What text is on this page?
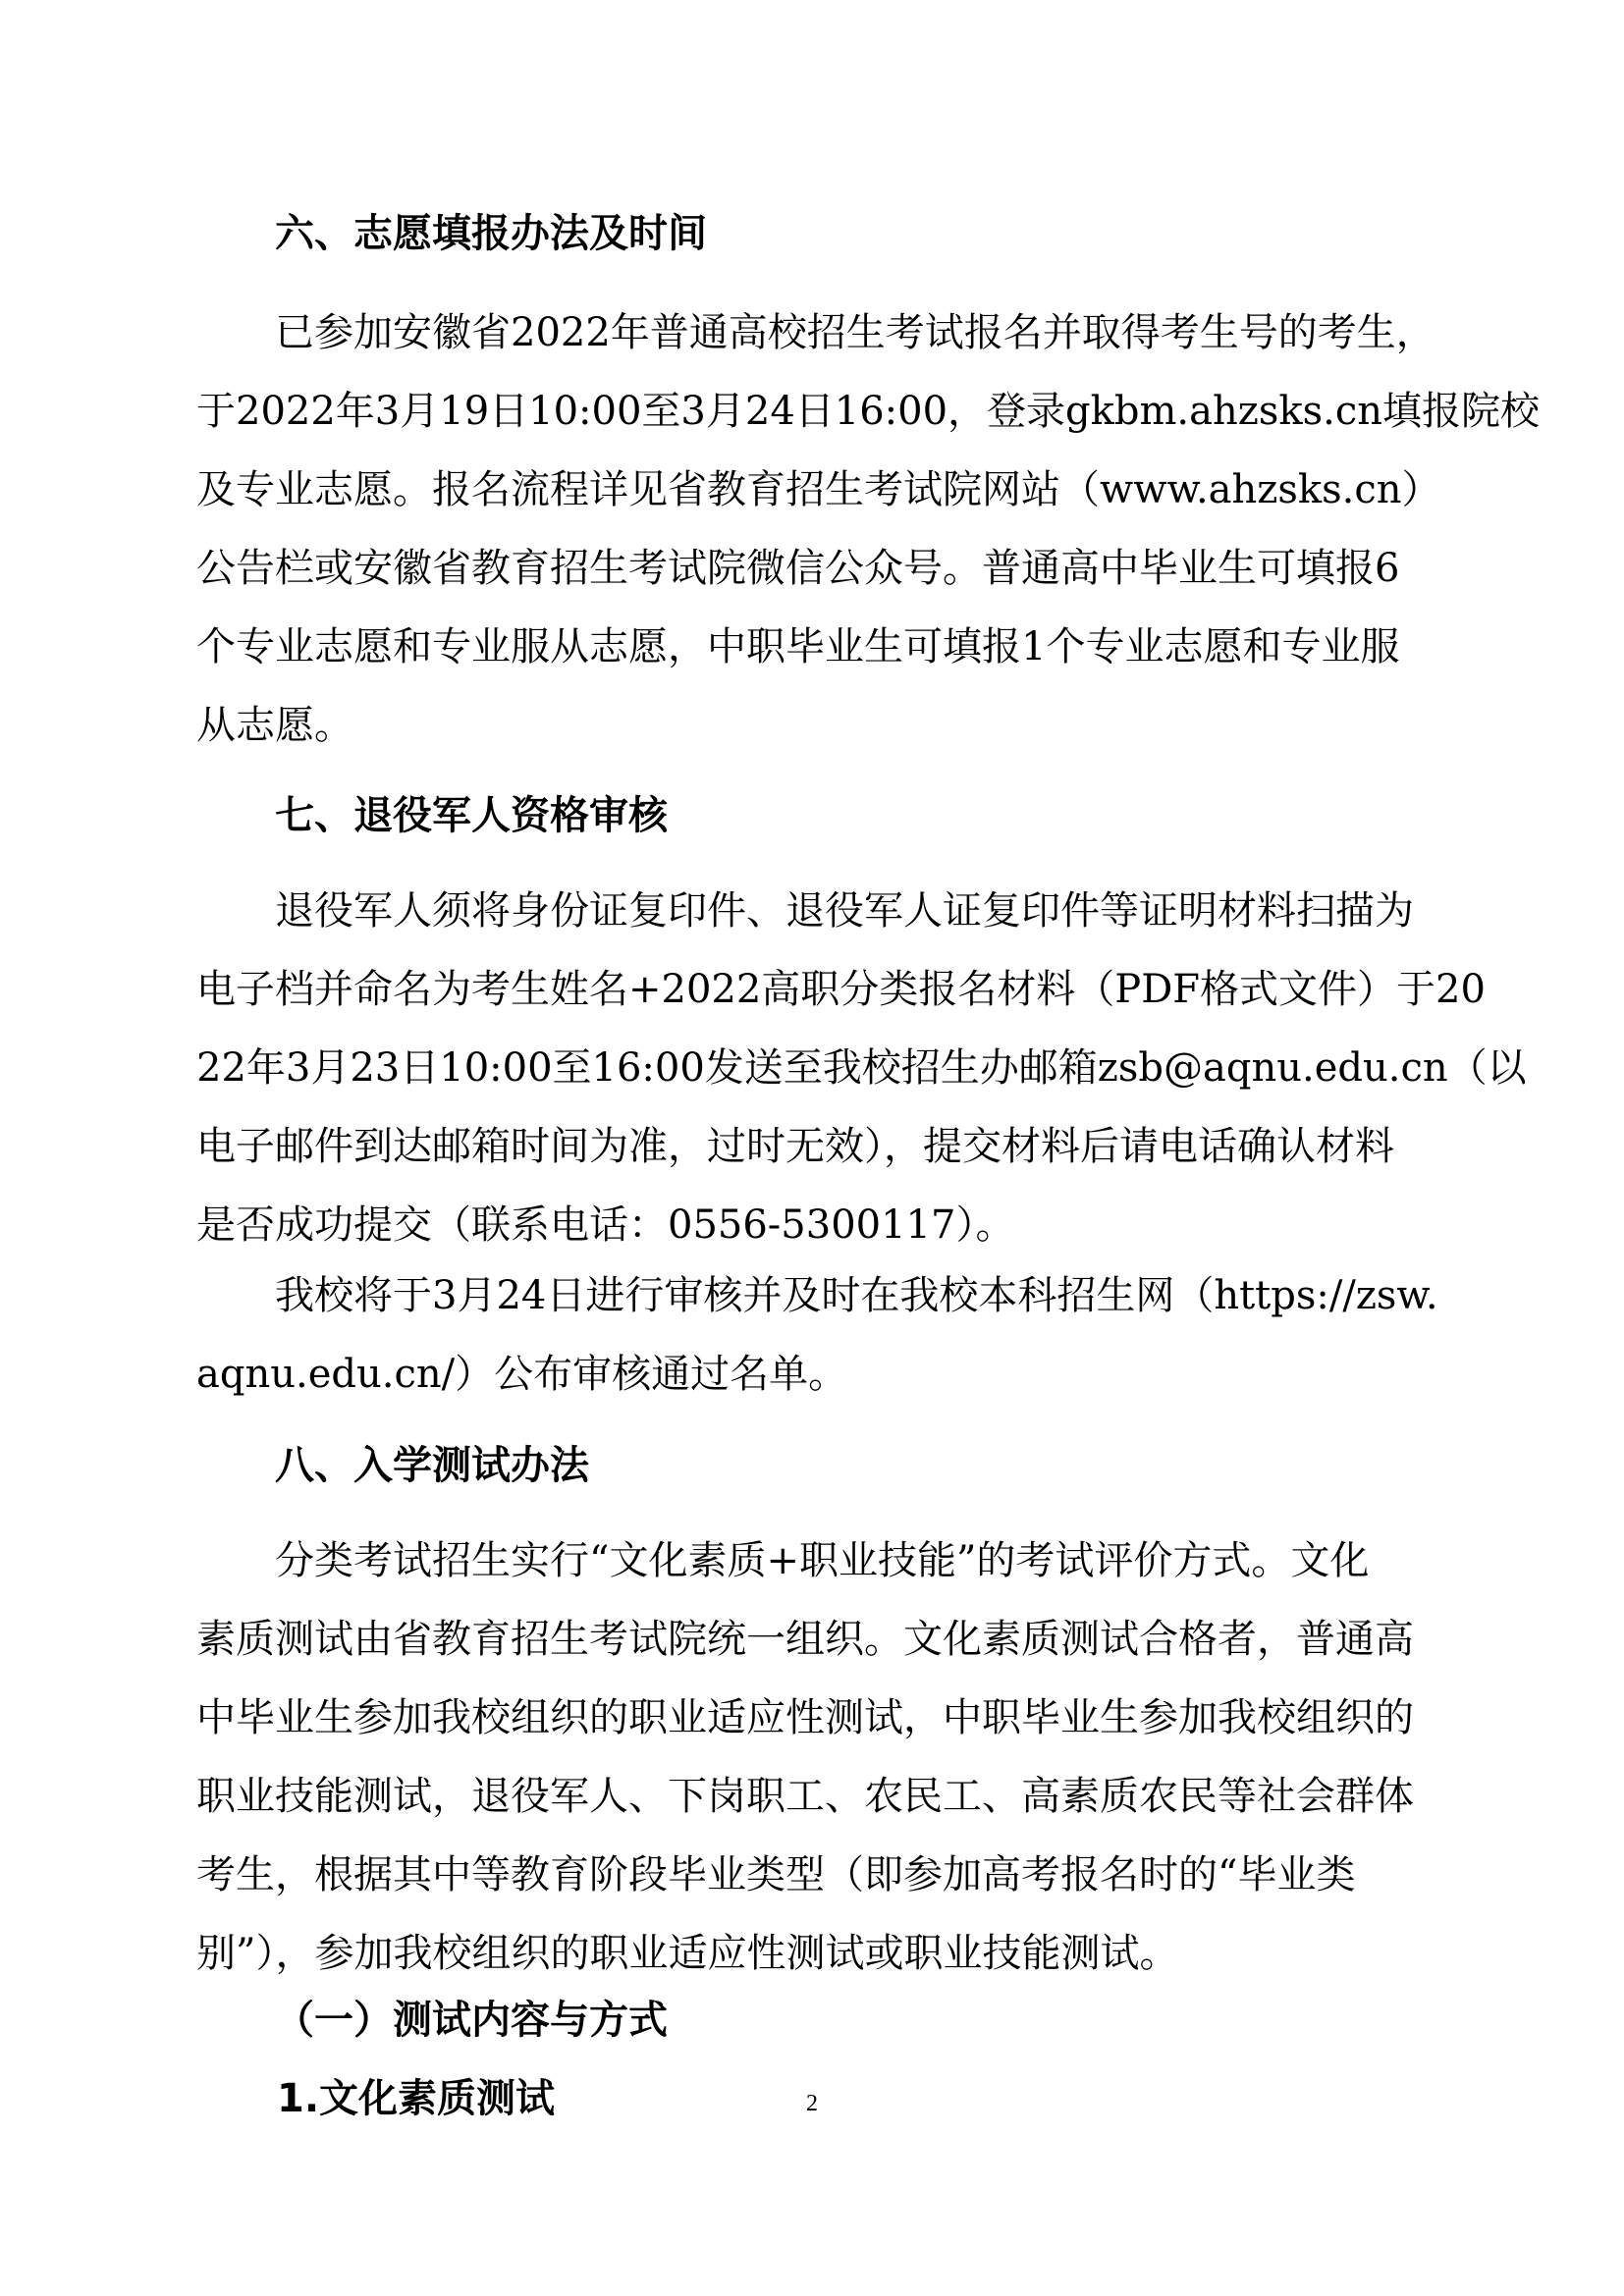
六、志愿填报办法及时间
已参加安徽省2022年普通高校招生考试报名并取得考生号的考生，
于2022年3月19日10:00至3月24日16:00，登录gkbm.ahzsks.cn填报院校
及专业志愿。报名流程详见省教育招生考试院网站（www.ahzsks.cn）
公告栏或安徽省教育招生考试院微信公众号。普通高中毕业生可填报6
个专业志愿和专业服从志愿，中职毕业生可填报1个专业志愿和专业服
从志愿。
七、退役军人资格审核
退役军人须将身份证复印件、退役军人证复印件等证明材料扫描为
电子档并命名为考生姓名+2022高职分类报名材料（PDF格式文件）于20
22年3月23日10:00至16:00发送至我校招生办邮箱zsb@aqnu.edu.cn（以
电子邮件到达邮箱时间为准，过时无效），提交材料后请电话确认材料
是否成功提交（联系电话：0556-5300117）。
我校将于3月24日进行审核并及时在我校本科招生网（https://zsw.
aqnu.edu.cn/）公布审核通过名单。
八、入学测试办法
分类考试招生实行“文化素质+职业技能”的考试评价方式。文化
素质测试由省教育招生考试院统一组织。文化素质测试合格者，普通高
中毕业生参加我校组织的职业适应性测试，中职毕业生参加我校组织的
职业技能测试，退役军人、下岗职工、农民工、高素质农民等社会群体
考生，根据其中等教育阶段毕业类型（即参加高考报名时的“毕业类
别”），参加我校组织的职业适应性测试或职业技能测试。
（一）测试内容与方式
1.文化素质测试	2
